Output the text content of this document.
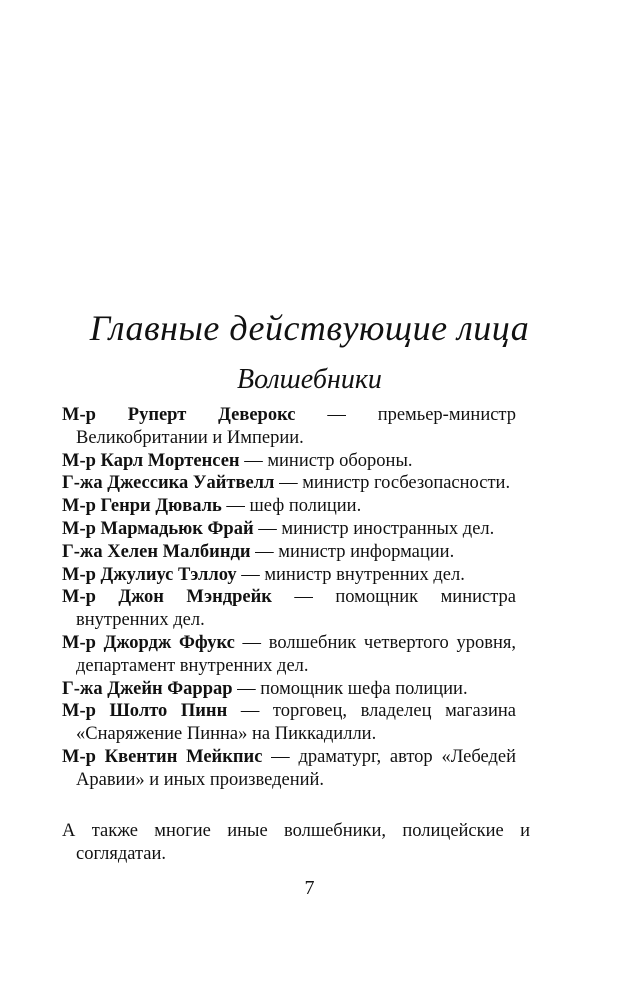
Главные действующие лица
Волшебники
М-р Руперт Деверокс — премьер-министр Великобритании и Империи.
М-р Карл Мортенсен — министр обороны.
Г-жа Джессика Уайтвелл — министр госбезопасности.
М-р Генри Дюваль — шеф полиции.
М-р Мармадьюк Фрай — министр иностранных дел.
Г-жа Хелен Малбинди — министр информации.
М-р Джулиус Тэллоу — министр внутренних дел.
М-р Джон Мэндрейк — помощник министра внутренних дел.
М-р Джордж Ффукс — волшебник четвертого уровня, департамент внутренних дел.
Г-жа Джейн Фаррар — помощник шефа полиции.
М-р Шолто Пинн — торговец, владелец магазина «Снаряжение Пинна» на Пиккадилли.
М-р Квентин Мейкпис — драматург, автор «Лебедей Аравии» и иных произведений.
А также многие иные волшебники, полицейские и соглядатаи.
7
